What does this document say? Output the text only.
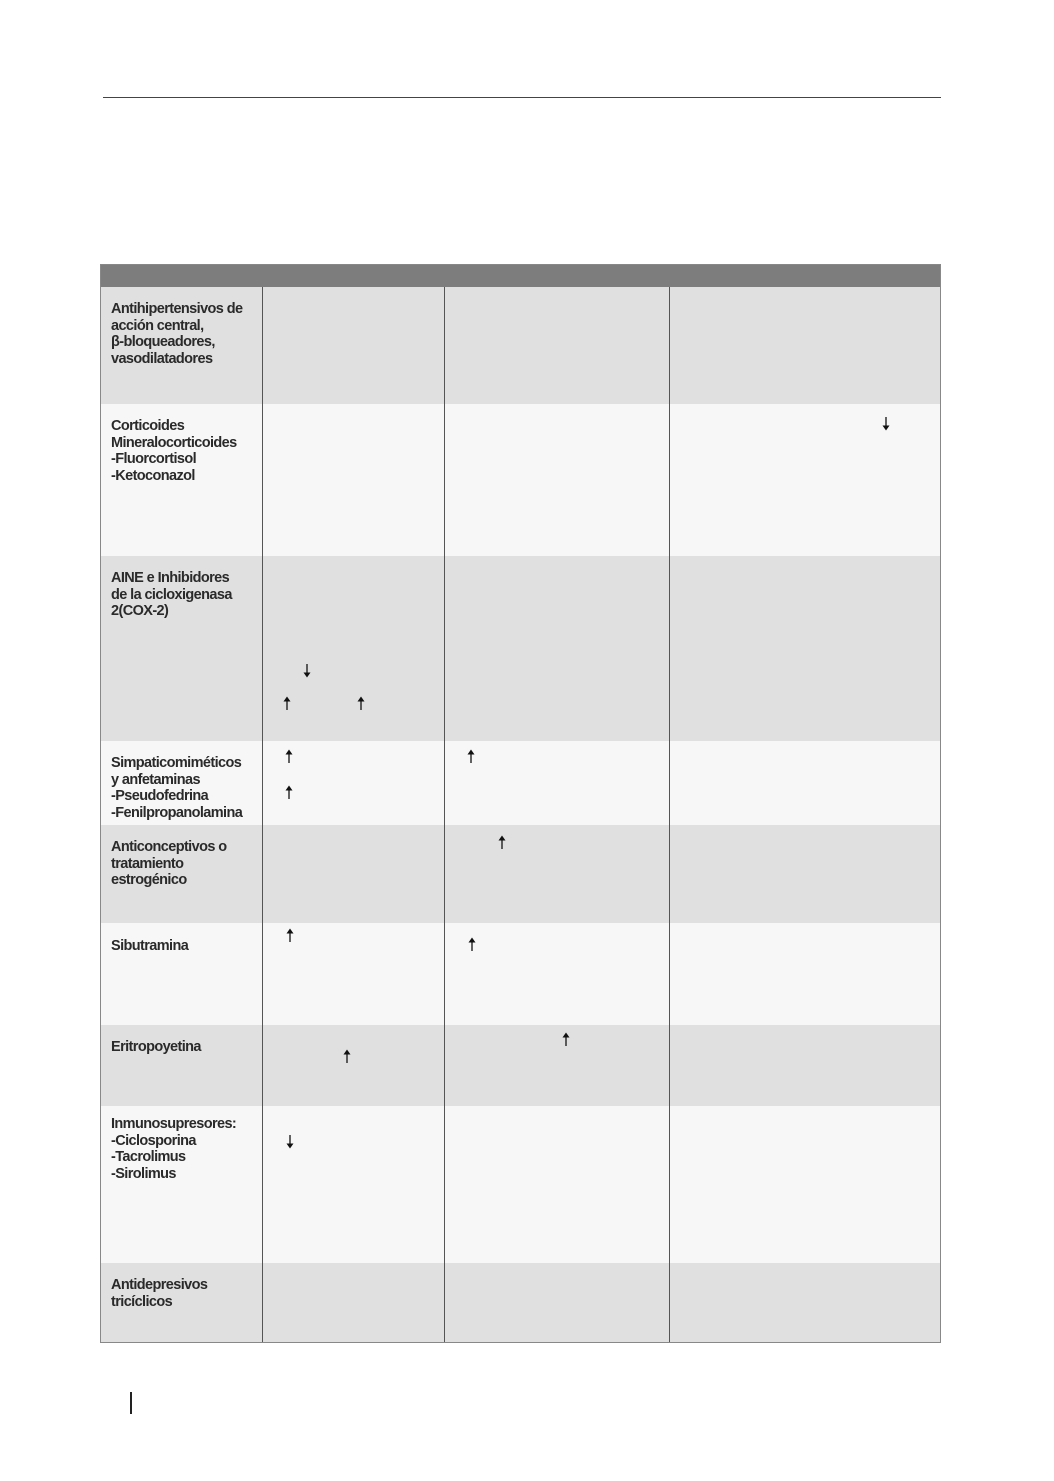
Antihipertensivos de
acción central,
β-bloqueadores,
vasodilatadores
Corticoides
Mineralocorticoides
-Fluorcortisol
-Ketoconazol
AINE e Inhibidores
de la cicloxigenasa
2(COX-2)
Simpaticomiméticos
y anfetaminas
-Pseudofedrina
-Fenilpropanolamina
Anticonceptivos o
tratamiento
estrogénico
Sibutramina
Eritropoyetina
Inmunosupresores:
-Ciclosporina
-Tacrolimus
-Sirolimus
Antidepresivos
tricíclicos
